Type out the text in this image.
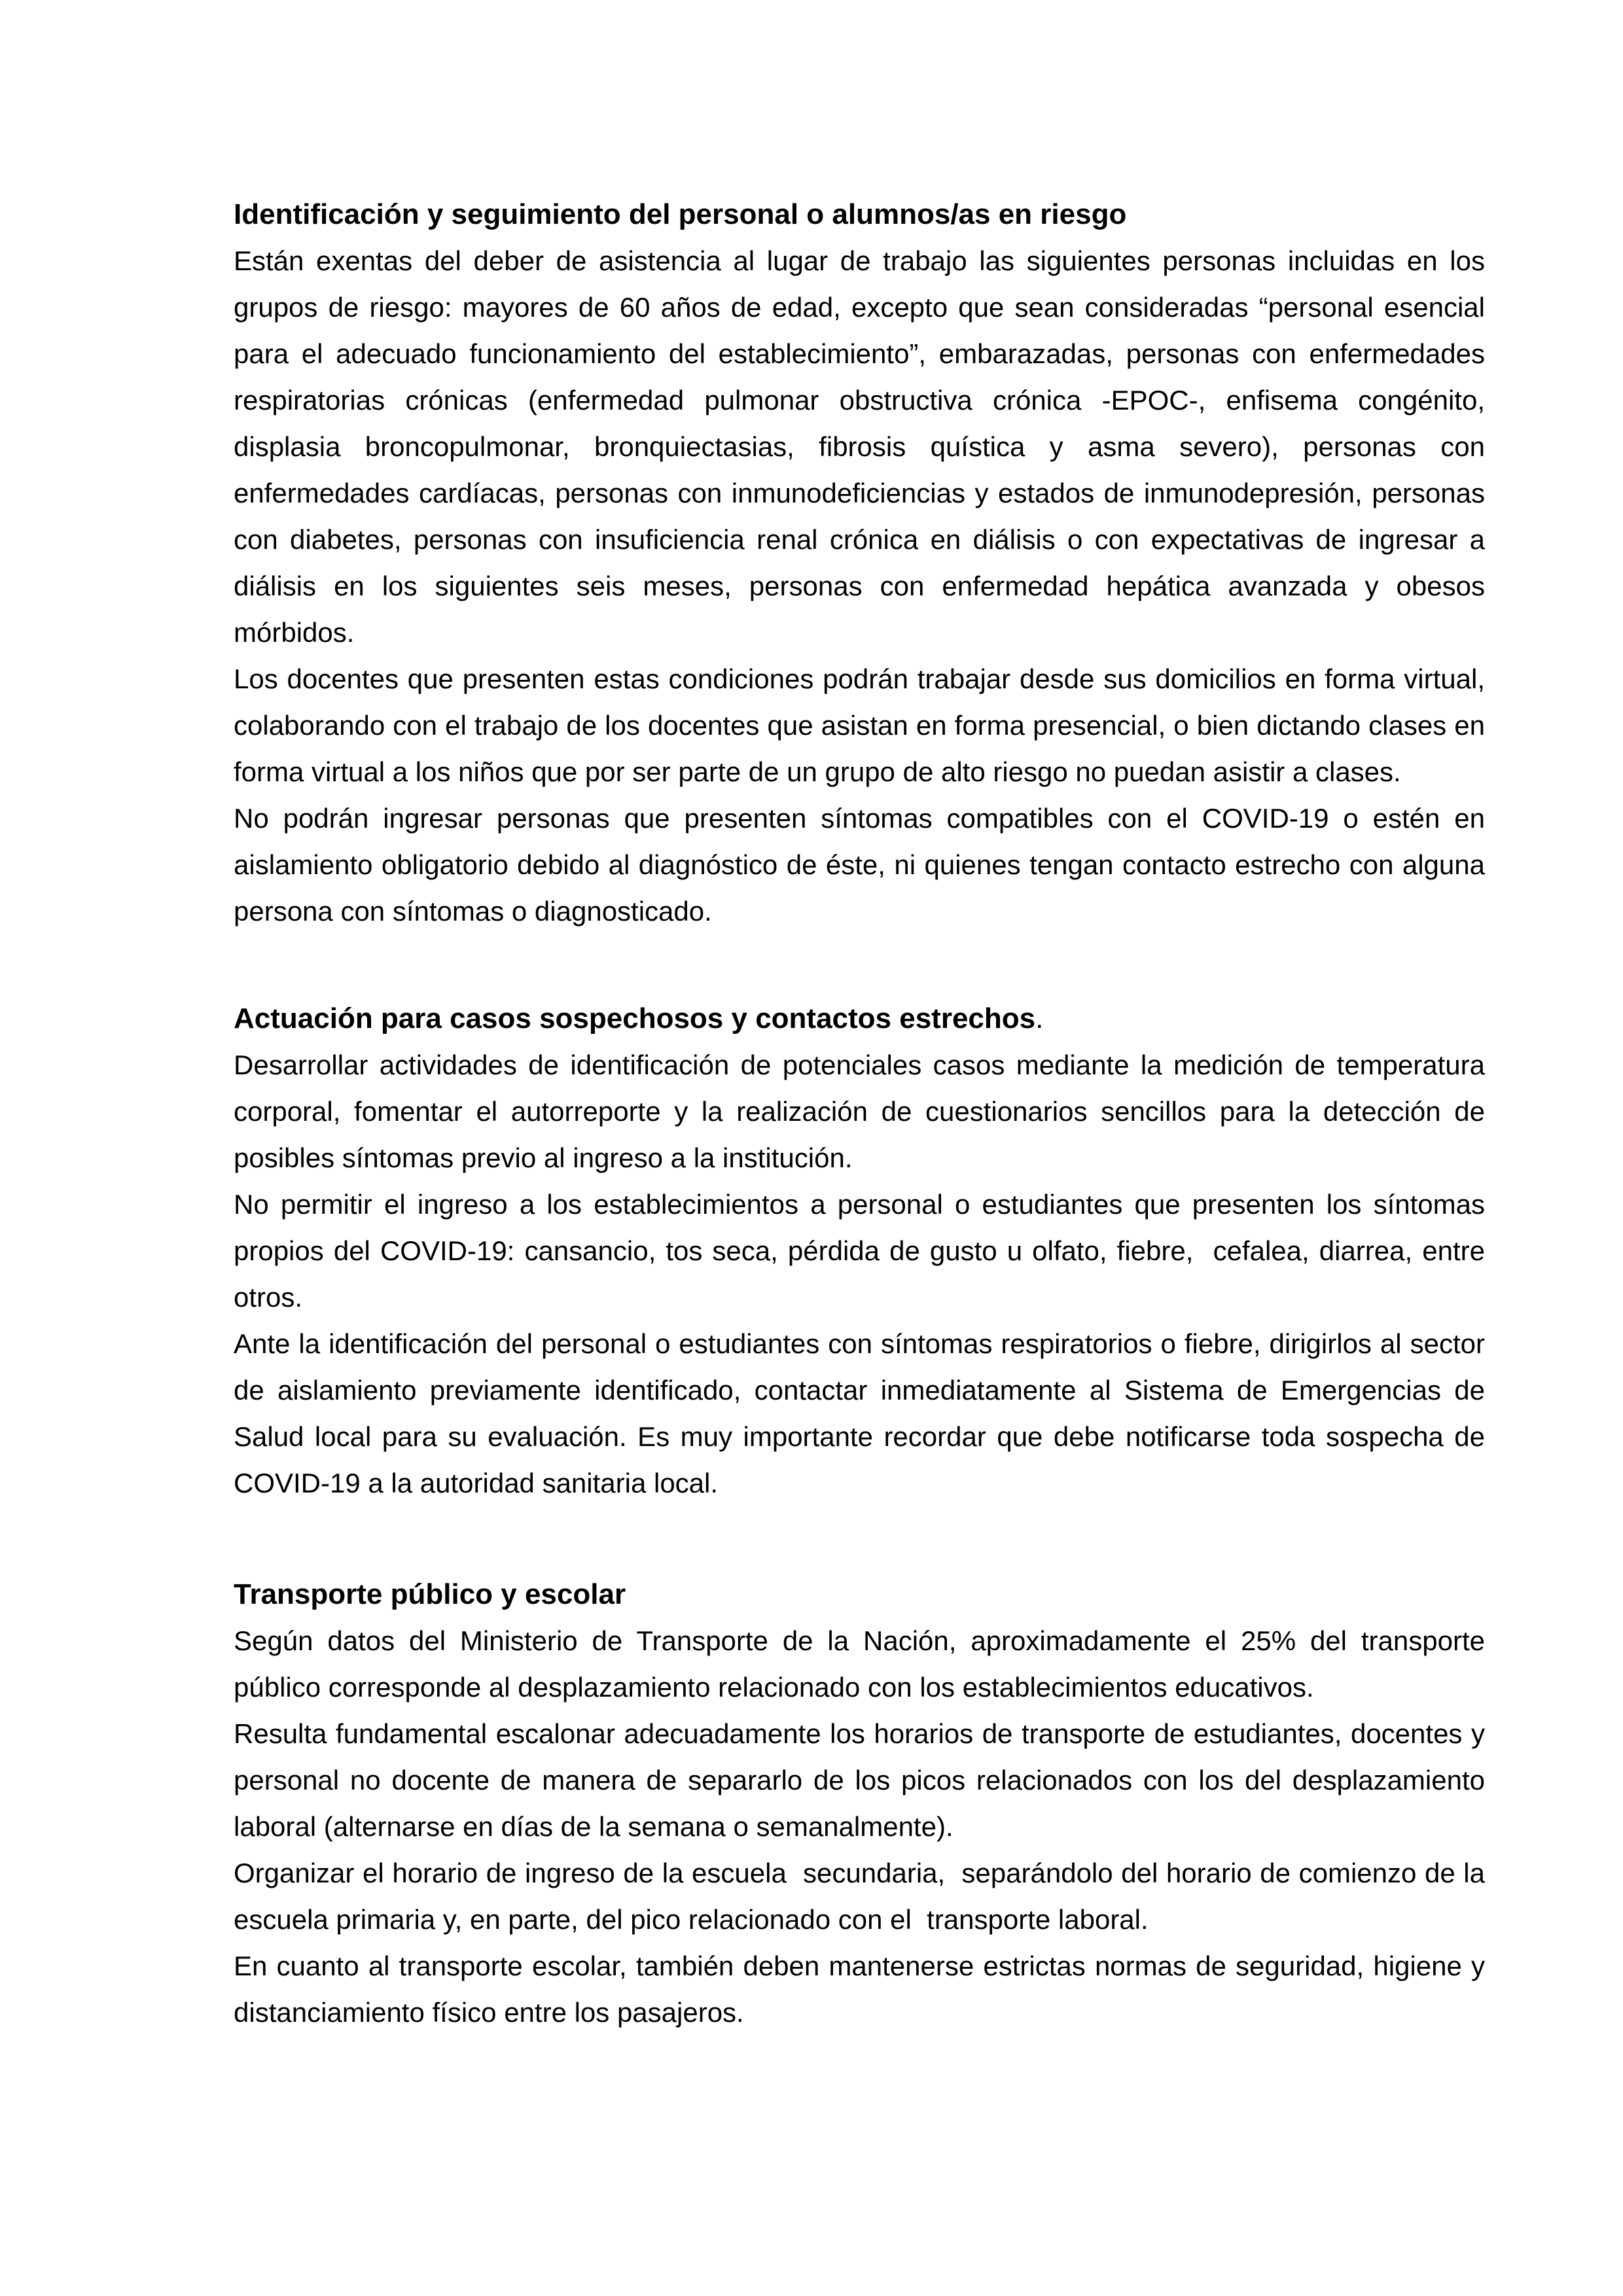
Identificación y seguimiento del personal o alumnos/as en riesgo

Están exentas del deber de asistencia al lugar de trabajo las siguientes personas incluidas en los grupos de riesgo: mayores de 60 años de edad, excepto que sean consideradas “personal esencial para el adecuado funcionamiento del establecimiento”, embarazadas, personas con enfermedades respiratorias crónicas (enfermedad pulmonar obstructiva crónica -EPOC-, enfisema congénito, displasia broncopulmonar, bronquiectasias, fibrosis quística y asma severo), personas con enfermedades cardíacas, personas con inmunodeficiencias y estados de inmunodepresión, personas con diabetes, personas con insuficiencia renal crónica en diálisis o con expectativas de ingresar a diálisis en los siguientes seis meses, personas con enfermedad hepática avanzada y obesos mórbidos.

Los docentes que presenten estas condiciones podrán trabajar desde sus domicilios en forma virtual, colaborando con el trabajo de los docentes que asistan en forma presencial, o bien dictando clases en forma virtual a los niños que por ser parte de un grupo de alto riesgo no puedan asistir a clases.

No podrán ingresar personas que presenten síntomas compatibles con el COVID-19 o estén en aislamiento obligatorio debido al diagnóstico de éste, ni quienes tengan contacto estrecho con alguna persona con síntomas o diagnosticado.

Actuación para casos sospechosos y contactos estrechos.

Desarrollar actividades de identificación de potenciales casos mediante la medición de temperatura corporal, fomentar el autorreporte y la realización de cuestionarios sencillos para la detección de posibles síntomas previo al ingreso a la institución.

No permitir el ingreso a los establecimientos a personal o estudiantes que presenten los síntomas propios del COVID-19: cansancio, tos seca, pérdida de gusto u olfato, fiebre,  cefalea, diarrea, entre otros.

Ante la identificación del personal o estudiantes con síntomas respiratorios o fiebre, dirigirlos al sector de aislamiento previamente identificado, contactar inmediatamente al Sistema de Emergencias de Salud local para su evaluación. Es muy importante recordar que debe notificarse toda sospecha de COVID-19 a la autoridad sanitaria local.

Transporte público y escolar

Según datos del Ministerio de Transporte de la Nación, aproximadamente el 25% del transporte público corresponde al desplazamiento relacionado con los establecimientos educativos.

Resulta fundamental escalonar adecuadamente los horarios de transporte de estudiantes, docentes y personal no docente de manera de separarlo de los picos relacionados con los del desplazamiento laboral (alternarse en días de la semana o semanalmente).

Organizar el horario de ingreso de la escuela  secundaria,  separándolo del horario de comienzo de la escuela primaria y, en parte, del pico relacionado con el  transporte laboral.

En cuanto al transporte escolar, también deben mantenerse estrictas normas de seguridad, higiene y distanciamiento físico entre los pasajeros.
